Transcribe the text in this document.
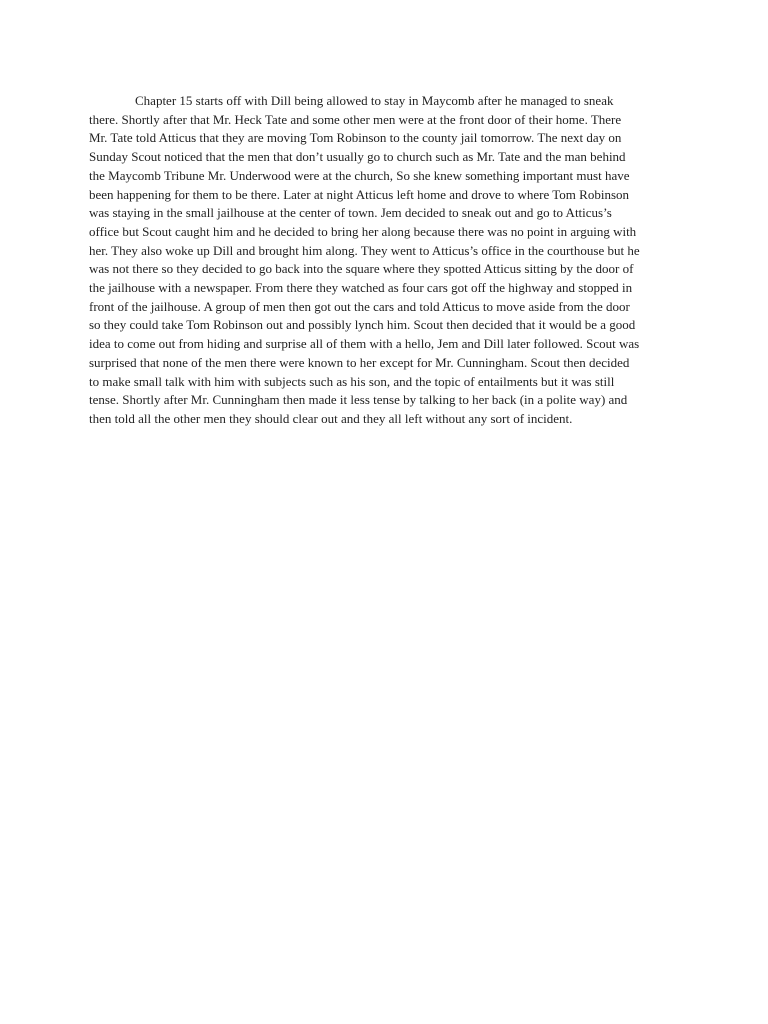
Chapter 15 starts off with Dill being allowed to stay in Maycomb after he managed to sneak
there. Shortly after that Mr. Heck Tate and some other men were at the front door of their home. There
Mr. Tate told Atticus that they are moving Tom Robinson to the county jail tomorrow. The next day on
Sunday Scout noticed that the men that don’t usually go to church such as Mr. Tate and the man behind
the Maycomb Tribune Mr. Underwood were at the church, So she knew something important must have
been happening for them to be there. Later at night Atticus left home and drove to where Tom Robinson
was staying in the small jailhouse at the center of town. Jem decided to sneak out and go to Atticus’s
office but Scout caught him and he decided to bring her along because there was no point in arguing with
her. They also woke up Dill and brought him along. They went to Atticus’s office in the courthouse but he
was not there so they decided to go back into the square where they spotted Atticus sitting by the door of
the jailhouse with a newspaper. From there they watched as four cars got off the highway and stopped in
front of the jailhouse. A group of men then got out the cars and told Atticus to move aside from the door
so they could take Tom Robinson out and possibly lynch him. Scout then decided that it would be a good
idea to come out from hiding and surprise all of them with a hello, Jem and Dill later followed. Scout was
surprised that none of the men there were known to her except for Mr. Cunningham. Scout then decided
to make small talk with him with subjects such as his son, and the topic of entailments but it was still
tense. Shortly after Mr. Cunningham then made it less tense by talking to her back (in a polite way) and
then told all the other men they should clear out and they all left without any sort of incident.
